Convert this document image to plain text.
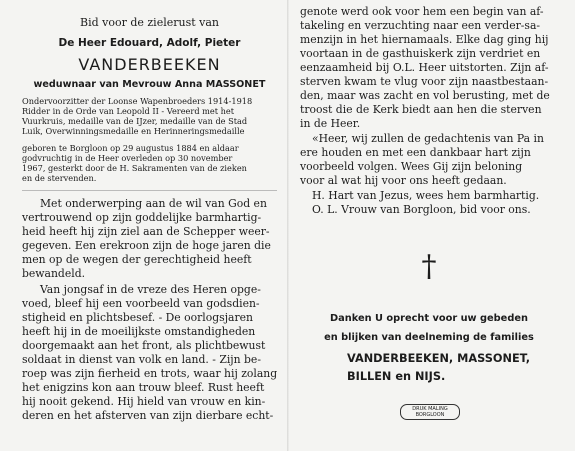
Bid voor de zielerust van
De Heer Edouard, Adolf, Pieter
VANDERBEEKEN
weduwnaar van Mevrouw Anna MASSONET
Ondervoorzitter der Loonse Wapenbroeders 1914-1918
Ridder in de Orde van Leopold II - Vereerd met het
Vuurkruis, medaille van de IJzer, medaille van de Stad
Luik, Overwinningsmedaille en Herinneringsmedaille
geboren te Borgloon op 29 augustus 1884 en aldaar
godvruchtig in de Heer overleden op 30 november
1967, gesterkt door de H. Sakramenten van de zieken
en de stervenden.
Met onderwerping aan de wil van God en
vertrouwend op zijn goddelijke barmhartig-
heid heeft hij zijn ziel aan de Schepper weer-
gegeven. Een erekroon zijn de hoge jaren die
men op de wegen der gerechtigheid heeft
bewandeld.
Van jongsaf in de vreze des Heren opge-
voed, bleef hij een voorbeeld van godsdien-
stigheid en plichtsbesef. - De oorlogsjaren
heeft hij in de moeilijkste omstandigheden
doorgemaakt aan het front, als plichtbewust
soldaat in dienst van volk en land. - Zijn be-
roep was zijn fierheid en trots, waar hij zolang
het enigzins kon aan trouw bleef. Rust heeft
hij nooit gekend. Hij hield van vrouw en kin-
deren en het afsterven van zijn dierbare echt-
genote werd ook voor hem een begin van af-
takeling en verzuchting naar een verder-sa-
menzijn in het hiernamaals. Elke dag ging hij
voortaan in de gasthuiskerk zijn verdriet en
eenzaamheid bij O.L. Heer uitstorten. Zijn af-
sterven kwam te vlug voor zijn naastbestaan-
den, maar was zacht en vol berusting, met de
troost die de Kerk biedt aan hen die sterven
in de Heer.
«Heer, wij zullen de gedachtenis van Pa in
ere houden en met een dankbaar hart zijn
voorbeeld volgen. Wees Gij zijn beloning
voor al wat hij voor ons heeft gedaan.
H. Hart van Jezus, wees hem barmhartig.
O. L. Vrouw van Borgloon, bid voor ons.
†
Danken U oprecht voor uw gebeden
en blijken van deelneming de families
VANDERBEEKEN, MASSONET,
BILLEN en NIJS.
DRUK MALING
BORGLOON
